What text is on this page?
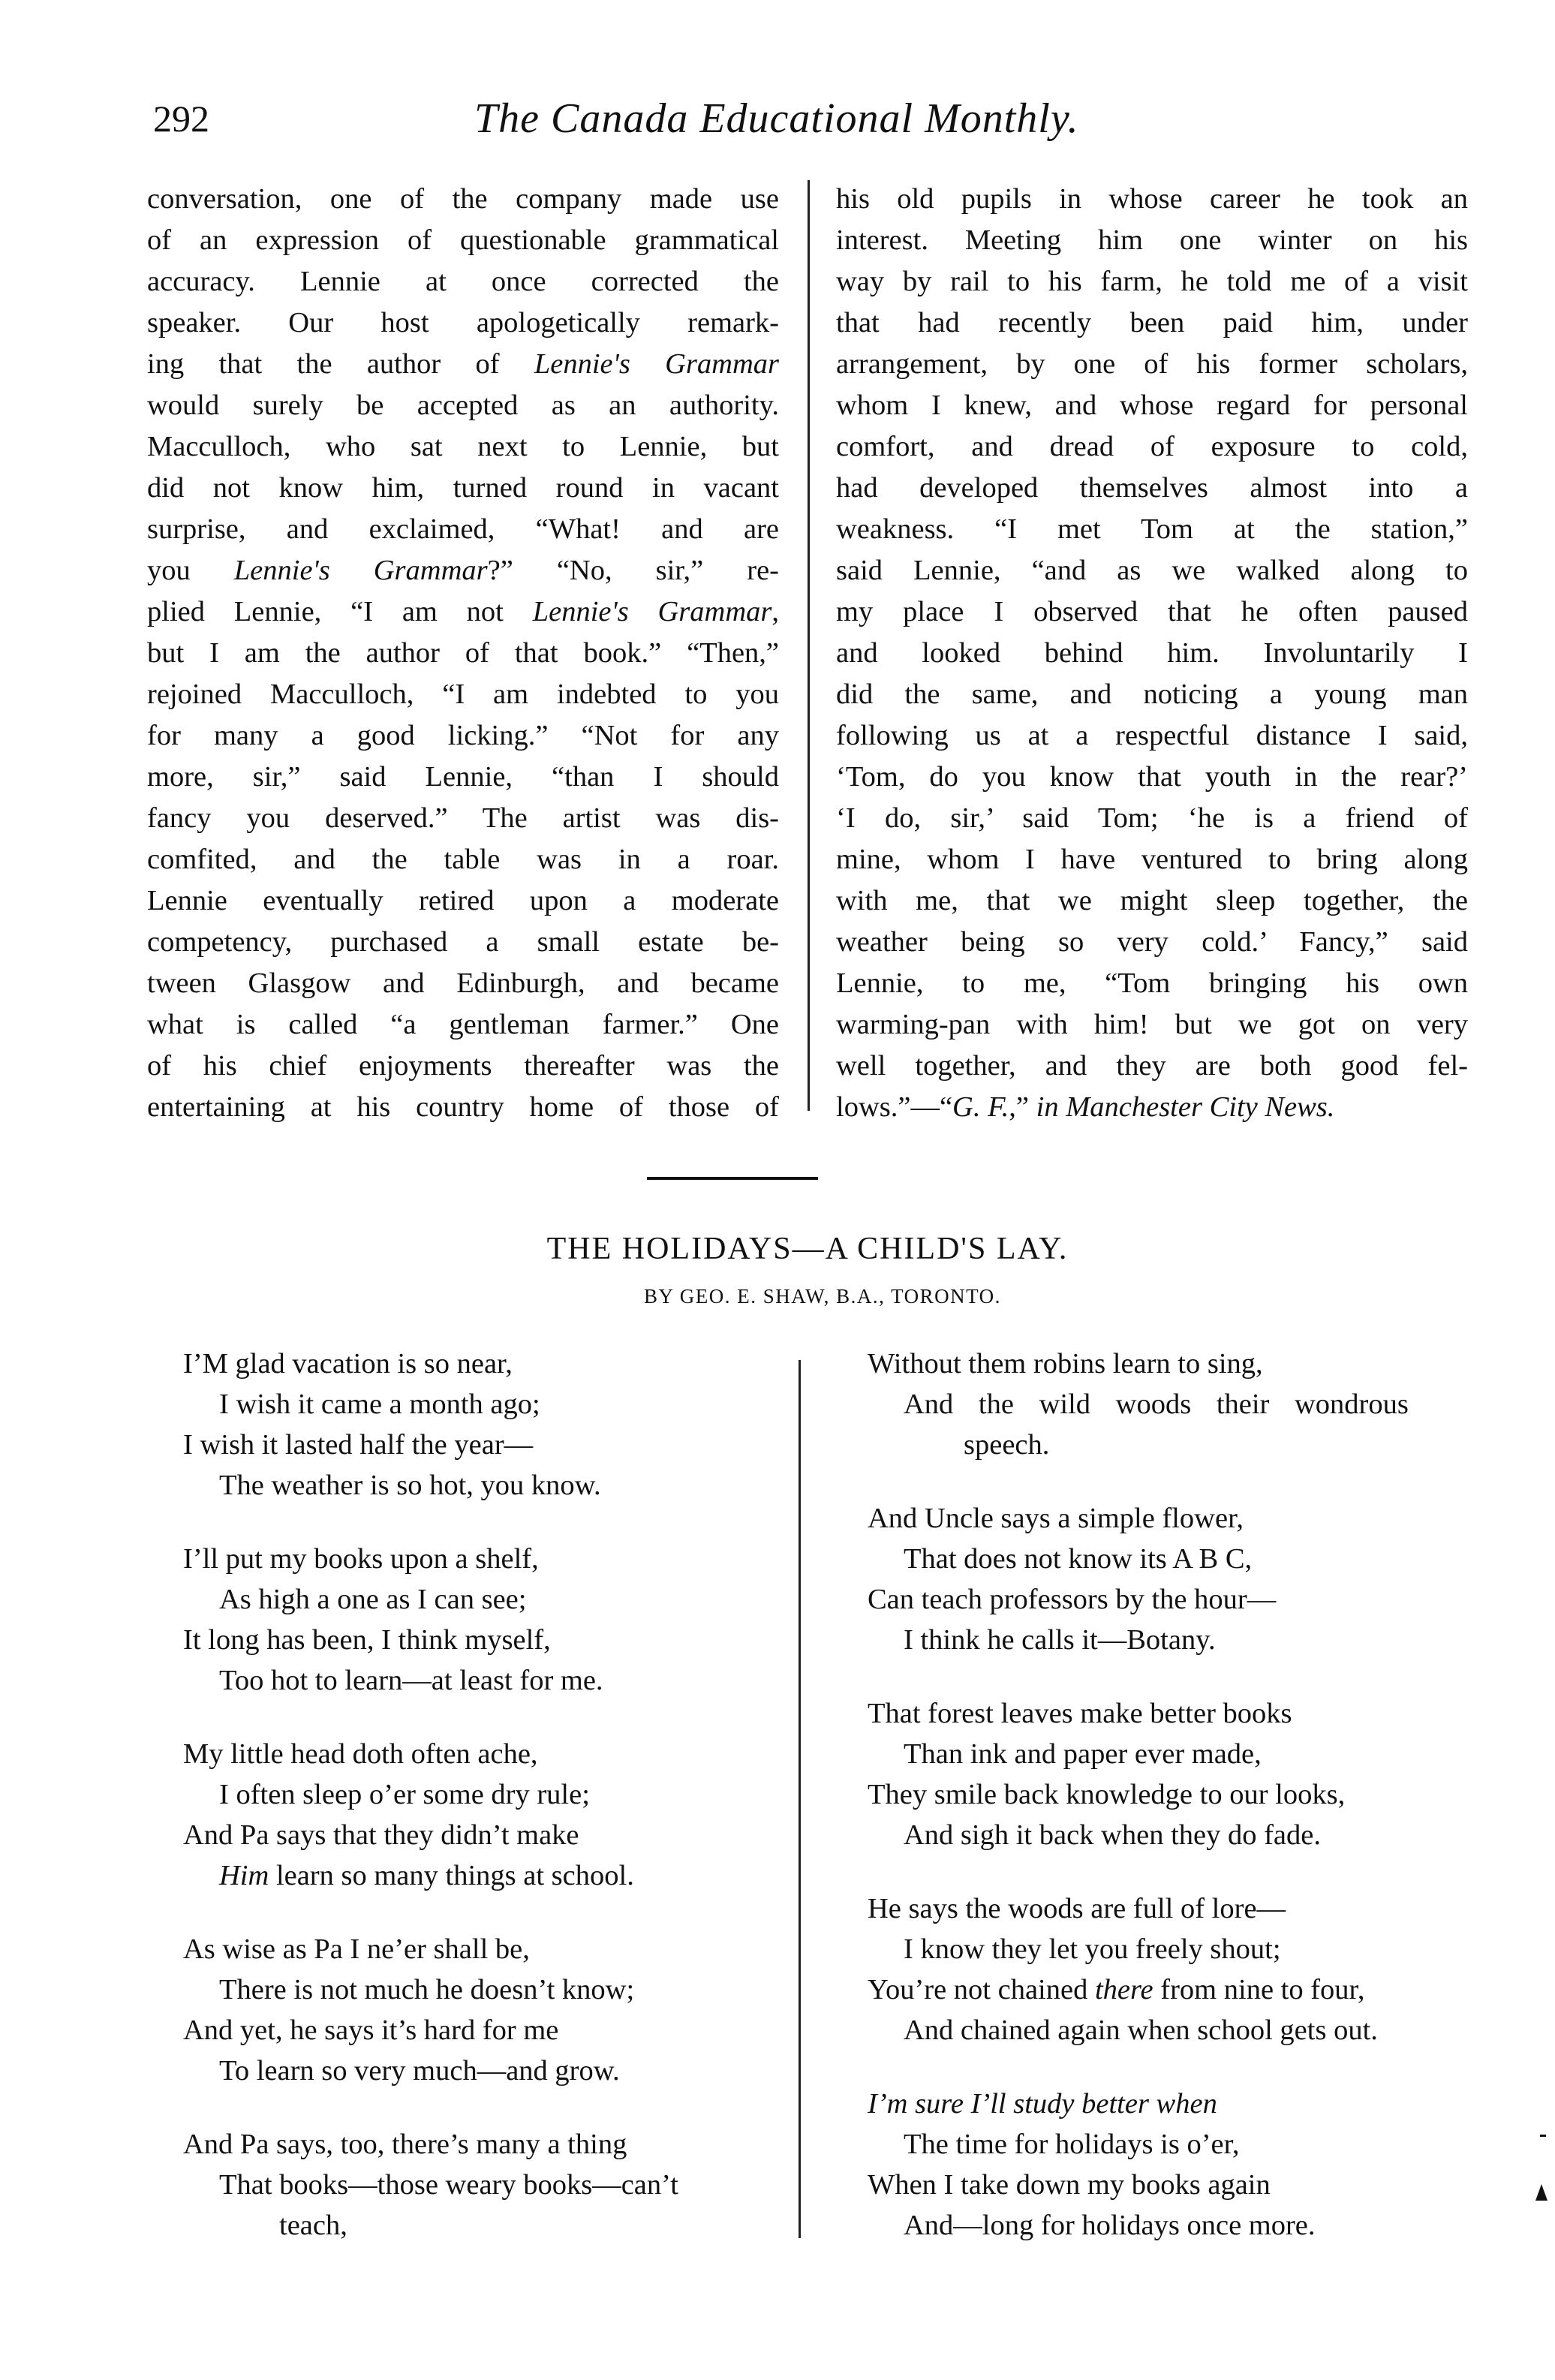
292	The Canada Educational Monthly.
conversation, one of the company made use
of an expression of questionable grammatical
accuracy. Lennie at once corrected the
speaker. Our host apologetically remark-
ing that the author of Lennie's Grammar
would surely be accepted as an authority.
Macculloch, who sat next to Lennie, but
did not know him, turned round in vacant
surprise, and exclaimed, “What! and are
you Lennie's Grammar?” “No, sir,” re-
plied Lennie, “I am not Lennie's Grammar,
but I am the author of that book.” “Then,”
rejoined Macculloch, “I am indebted to you
for many a good licking.” “Not for any
more, sir,” said Lennie, “than I should
fancy you deserved.” The artist was dis-
comfited, and the table was in a roar.
Lennie eventually retired upon a moderate
competency, purchased a small estate be-
tween Glasgow and Edinburgh, and became
what is called “a gentleman farmer.” One
of his chief enjoyments thereafter was the
entertaining at his country home of those of
his old pupils in whose career he took an
interest. Meeting him one winter on his
way by rail to his farm, he told me of a visit
that had recently been paid him, under
arrangement, by one of his former scholars,
whom I knew, and whose regard for personal
comfort, and dread of exposure to cold,
had developed themselves almost into a
weakness. “I met Tom at the station,”
said Lennie, “and as we walked along to
my place I observed that he often paused
and looked behind him. Involuntarily I
did the same, and noticing a young man
following us at a respectful distance I said,
‘Tom, do you know that youth in the rear?’
‘I do, sir,’ said Tom; ‘he is a friend of
mine, whom I have ventured to bring along
with me, that we might sleep together, the
weather being so very cold.’ Fancy,” said
Lennie, to me, “Tom bringing his own
warming-pan with him! but we got on very
well together, and they are both good fel-
lows.”—“G. F.,” in Manchester City News.
THE HOLIDAYS—A CHILD'S LAY.
BY GEO. E. SHAW, B.A., TORONTO.
I’M glad vacation is so near,
I wish it came a month ago;
I wish it lasted half the year—
The weather is so hot, you know.
I’ll put my books upon a shelf,
As high a one as I can see;
It long has been, I think myself,
Too hot to learn—at least for me.
My little head doth often ache,
I often sleep o’er some dry rule;
And Pa says that they didn’t make
Him learn so many things at school.
As wise as Pa I ne’er shall be,
There is not much he doesn’t know;
And yet, he says it’s hard for me
To learn so very much—and grow.
And Pa says, too, there’s many a thing
That books—those weary books—can’t
teach,
Without them robins learn to sing,
And the wild woods their wondrous
speech.
And Uncle says a simple flower,
That does not know its A B C,
Can teach professors by the hour—
I think he calls it—Botany.
That forest leaves make better books
Than ink and paper ever made,
They smile back knowledge to our looks,
And sigh it back when they do fade.
He says the woods are full of lore—
I know they let you freely shout;
You’re not chained there from nine to four,
And chained again when school gets out.
I’m sure I’ll study better when
The time for holidays is o’er,
When I take down my books again
And—long for holidays once more.
